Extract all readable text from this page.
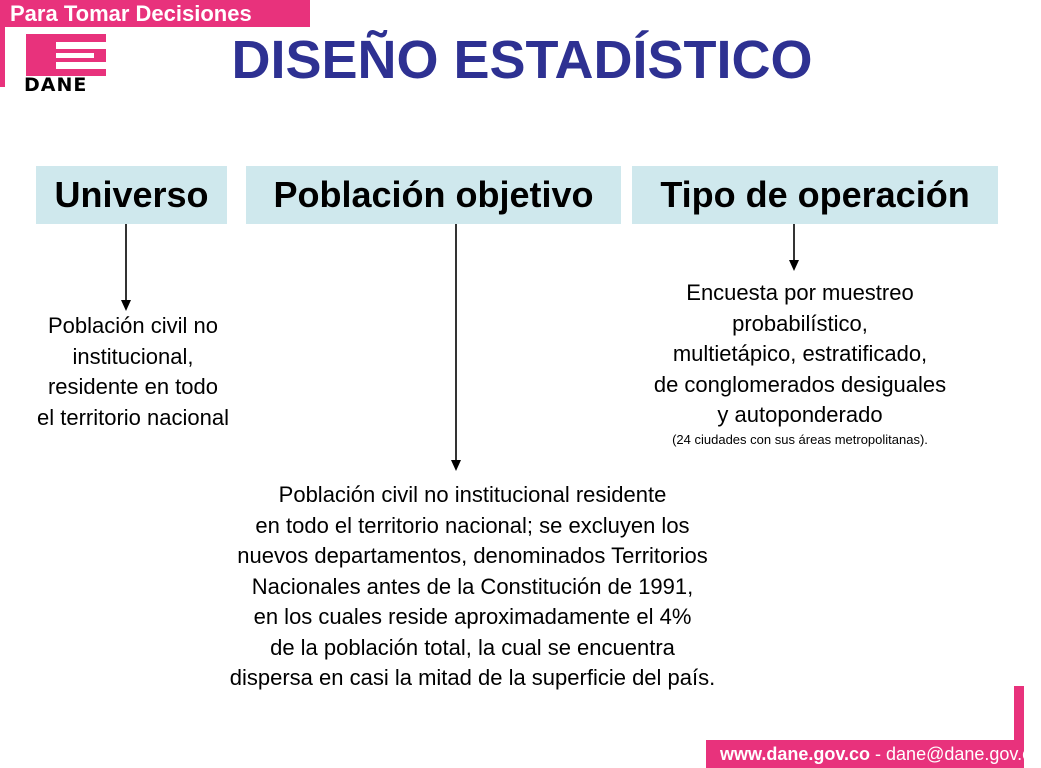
Para Tomar Decisiones
DANE	DISEÑO ESTADÍSTICO
Universo	Población objetivo	Tipo de operación
Población civil no
institucional,
residente en todo
el territorio nacional
Encuesta por muestreo
probabilístico,
multietápico, estratificado,
de conglomerados desiguales
y autoponderado
(24 ciudades con sus áreas metropolitanas).
Población civil no institucional residente
en todo el territorio nacional; se excluyen los
nuevos departamentos, denominados Territorios
Nacionales antes de la Constitución de 1991,
en los cuales reside aproximadamente el 4%
de la población total, la cual se encuentra
dispersa en casi la mitad de la superficie del país.
www.dane.gov.co - dane@dane.gov.co
